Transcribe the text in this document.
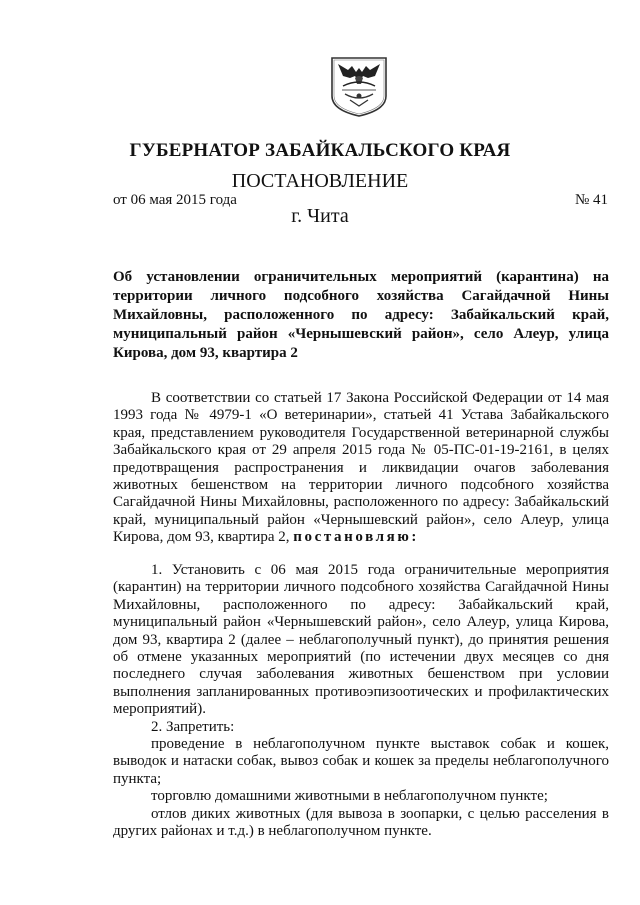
ГУБЕРНАТОР ЗАБАЙКАЛЬСКОГО КРАЯ
ПОСТАНОВЛЕНИЕ
от 06 мая 2015 года	№ 41
г. Чита

Об установлении ограничительных мероприятий (карантина) на территории личного подсобного хозяйства Сагайдачной Нины Михайловны, расположенного по адресу: Забайкальский край, муниципальный район «Чернышевский район», село Алеур, улица Кирова, дом 93, квартира 2

В соответствии со статьей 17 Закона Российской Федерации от 14 мая 1993 года № 4979-1 «О ветеринарии», статьей 41 Устава Забайкальского края, представлением руководителя Государственной ветеринарной службы Забайкальского края от 29 апреля 2015 года № 05-ПС-01-19-2161, в целях предотвращения распространения и ликвидации очагов заболевания животных бешенством на территории личного подсобного хозяйства Сагайдачной Нины Михайловны, расположенного по адресу: Забайкальский край, муниципальный район «Чернышевский район», село Алеур, улица Кирова, дом 93, квартира 2, постановляю:

1. Установить с 06 мая 2015 года ограничительные мероприятия (карантин) на территории личного подсобного хозяйства Сагайдачной Нины Михайловны, расположенного по адресу: Забайкальский край, муниципальный район «Чернышевский район», село Алеур, улица Кирова, дом 93, квартира 2 (далее – неблагополучный пункт), до принятия решения об отмене указанных мероприятий (по истечении двух месяцев со дня последнего случая заболевания животных бешенством при условии выполнения запланированных противоэпизоотических и профилактических мероприятий).

2. Запретить:

проведение в неблагополучном пункте выставок собак и кошек, выводок и натаски собак, вывоз собак и кошек за пределы неблагополучного пункта;

торговлю домашними животными в неблагополучном пункте;

отлов диких животных (для вывоза в зоопарки, с целью расселения в других районах и т.д.) в неблагополучном пункте.
